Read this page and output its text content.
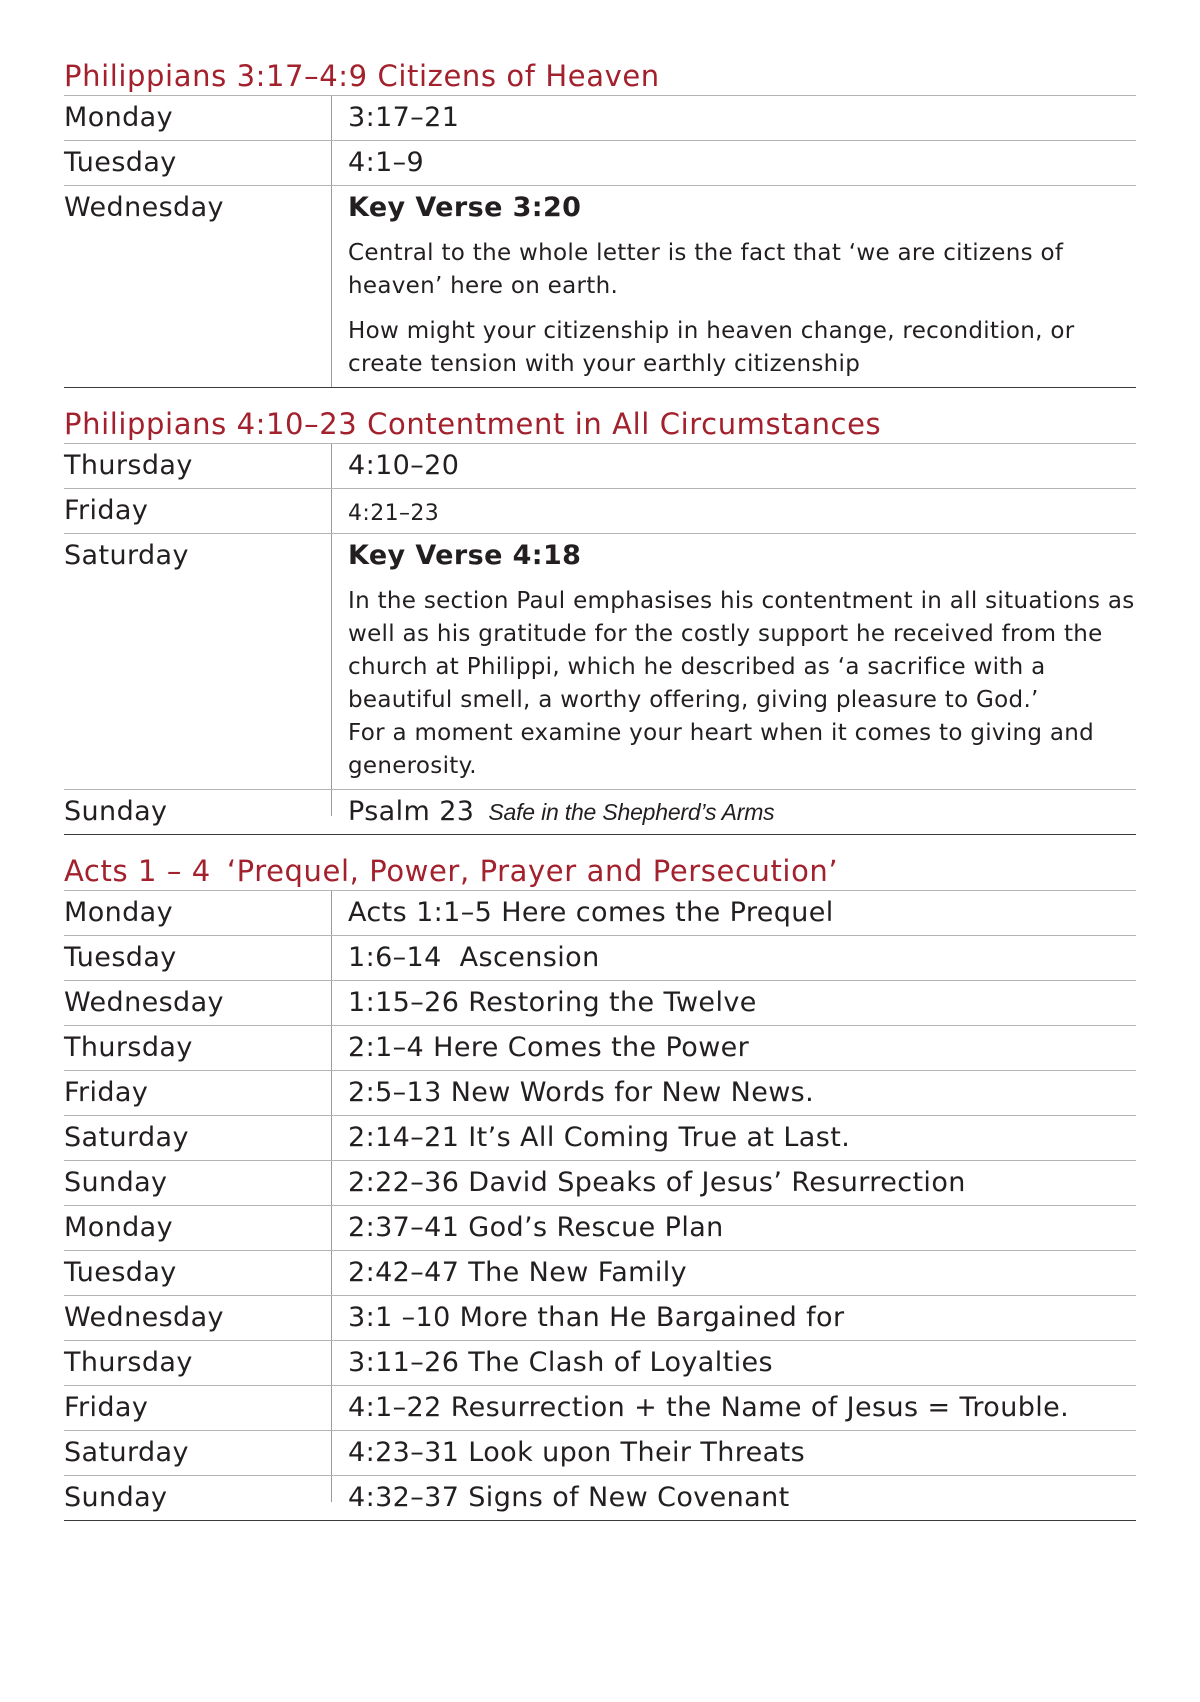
Philippians 3:17–4:9 Citizens of Heaven
Monday	3:17–21
Tuesday	4:1–9
Wednesday	Key Verse 3:20
Central to the whole letter is the fact that ‘we are citizens of heaven’ here on earth.
How might your citizenship in heaven change, recondition, or create tension with your earthly citizenship
Philippians 4:10–23 Contentment in All Circumstances
Thursday	4:10–20
Friday	4:21–23
Saturday	Key Verse 4:18
In the section Paul emphasises his contentment in all situations as well as his gratitude for the costly support he received from the church at Philippi, which he described as ‘a sacrifice with a beautiful smell, a worthy offering, giving pleasure to God.’
For a moment examine your heart when it comes to giving and generosity.
Sunday	Psalm 23 Safe in the Shepherd’s Arms
Acts 1 – 4 ‘Prequel, Power, Prayer and Persecution’
Monday	Acts 1:1–5 Here comes the Prequel
Tuesday	1:6–14  Ascension
Wednesday	1:15–26 Restoring the Twelve
Thursday	2:1–4 Here Comes the Power
Friday	2:5–13 New Words for New News.
Saturday	2:14–21 It’s All Coming True at Last.
Sunday	2:22–36 David Speaks of Jesus’ Resurrection
Monday	2:37–41 God’s Rescue Plan
Tuesday	2:42–47 The New Family
Wednesday	3:1 –10 More than He Bargained for
Thursday	3:11–26 The Clash of Loyalties
Friday	4:1–22 Resurrection + the Name of Jesus = Trouble.
Saturday	4:23–31 Look upon Their Threats
Sunday	4:32–37 Signs of New Covenant
